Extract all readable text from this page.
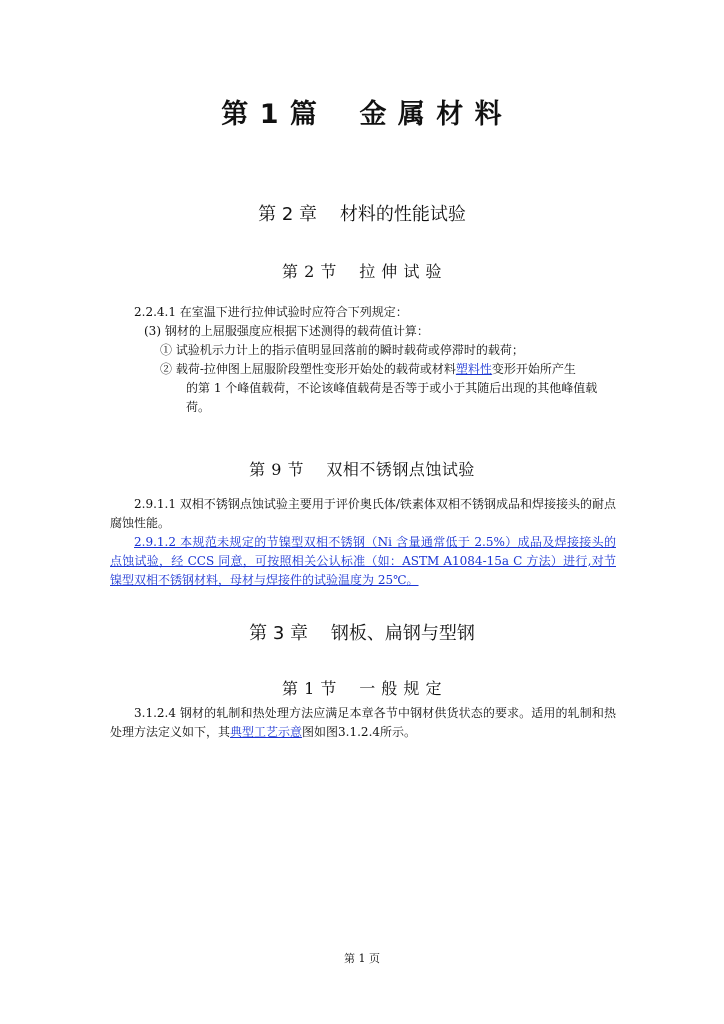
第 1 篇    金 属 材 料
第 2 章    材料的性能试验
第 2 节    拉 伸 试 验
2.2.4.1 在室温下进行拉伸试验时应符合下列规定：
(3) 钢材的上屈服强度应根据下述测得的载荷值计算：
① 试验机示力计上的指示值明显回落前的瞬时载荷或停滞时的载荷；
② 载荷-拉伸图上屈服阶段塑性变形开始处的载荷或材料塑料性变形开始所产生
的第 1 个峰值载荷，不论该峰值载荷是否等于或小于其随后出现的其他峰值载
荷。
第 9 节    双相不锈钢点蚀试验
2.9.1.1 双相不锈钢点蚀试验主要用于评价奥氏体/铁素体双相不锈钢成品和焊接接头的耐点腐蚀性能。
2.9.1.2 本规范未规定的节镍型双相不锈钢（Ni 含量通常低于 2.5%）成品及焊接接头的点蚀试验，经 CCS 同意，可按照相关公认标准（如：ASTM A1084-15a C 方法）进行,对节镍型双相不锈钢材料，母材与焊接件的试验温度为 25℃。
第 3 章    钢板、扁钢与型钢
第 1 节    一 般 规 定
3.1.2.4 钢材的轧制和热处理方法应满足本章各节中钢材供货状态的要求。适用的轧制和热处理方法定义如下，其典型工艺示意图如图3.1.2.4所示。
第 1 页
